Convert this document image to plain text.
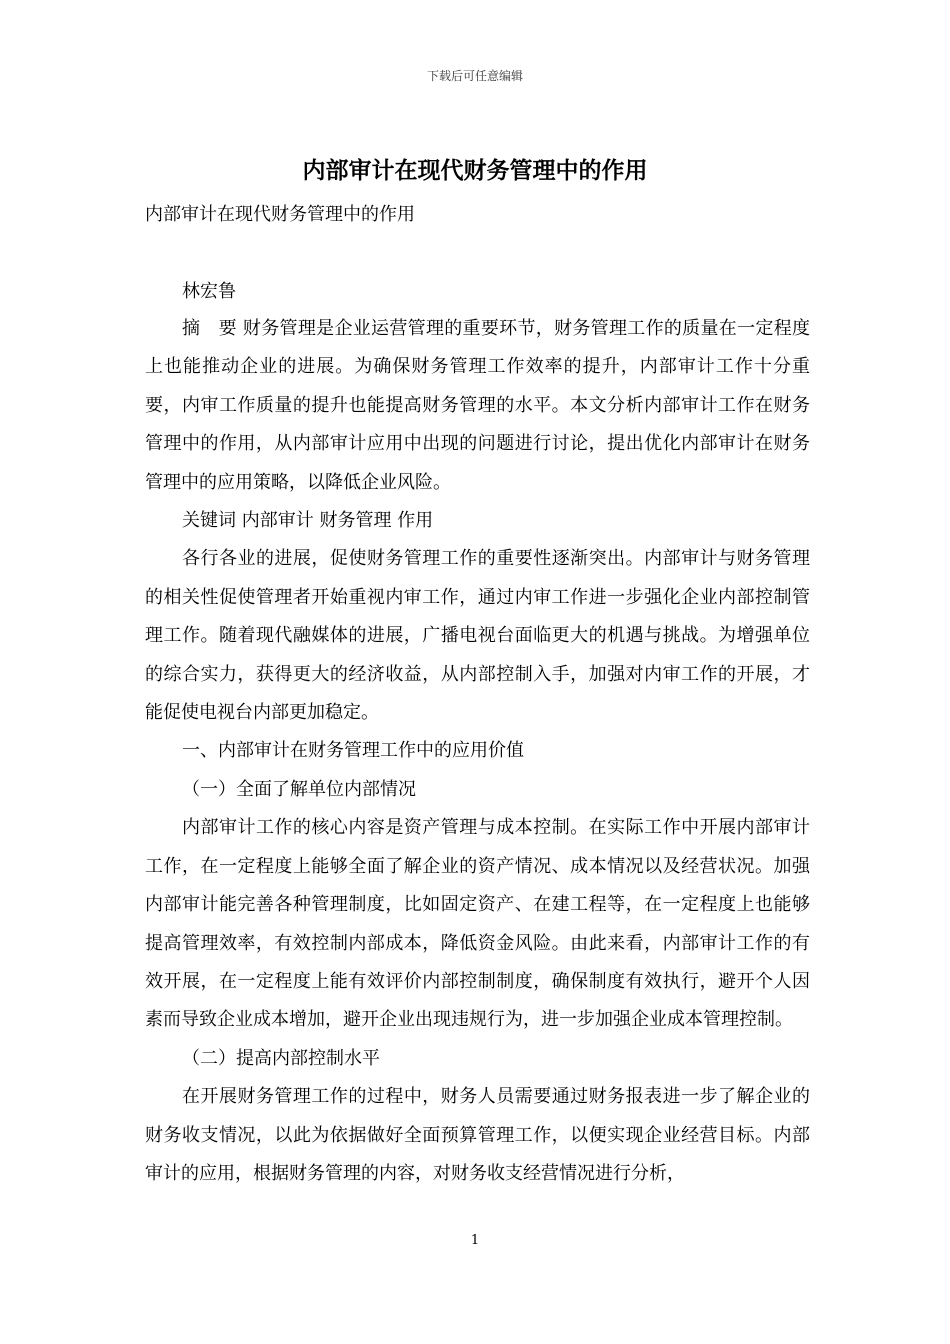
下载后可任意编辑
内部审计在现代财务管理中的作用
内部审计在现代财务管理中的作用
林宏鲁

摘　要 财务管理是企业运营管理的重要环节，财务管理工作的质量在一定程度上也能推动企业的进展。为确保财务管理工作效率的提升，内部审计工作十分重要，内审工作质量的提升也能提高财务管理的水平。本文分析内部审计工作在财务管理中的作用，从内部审计应用中出现的问题进行讨论，提出优化内部审计在财务管理中的应用策略，以降低企业风险。

关键词 内部审计 财务管理 作用

各行各业的进展，促使财务管理工作的重要性逐渐突出。内部审计与财务管理的相关性促使管理者开始重视内审工作，通过内审工作进一步强化企业内部控制管理工作。随着现代融媒体的进展，广播电视台面临更大的机遇与挑战。为增强单位的综合实力，获得更大的经济收益，从内部控制入手，加强对内审工作的开展，才能促使电视台内部更加稳定。

一、内部审计在财务管理工作中的应用价值

（一）全面了解单位内部情况

内部审计工作的核心内容是资产管理与成本控制。在实际工作中开展内部审计工作，在一定程度上能够全面了解企业的资产情况、成本情况以及经营状况。加强内部审计能完善各种管理制度，比如固定资产、在建工程等，在一定程度上也能够提高管理效率，有效控制内部成本，降低资金风险。由此来看，内部审计工作的有效开展，在一定程度上能有效评价内部控制制度，确保制度有效执行，避开个人因素而导致企业成本增加，避开企业出现违规行为，进一步加强企业成本管理控制。

（二）提高内部控制水平

在开展财务管理工作的过程中，财务人员需要通过财务报表进一步了解企业的财务收支情况，以此为依据做好全面预算管理工作，以便实现企业经营目标。内部审计的应用，根据财务管理的内容，对财务收支经营情况进行分析，

1
